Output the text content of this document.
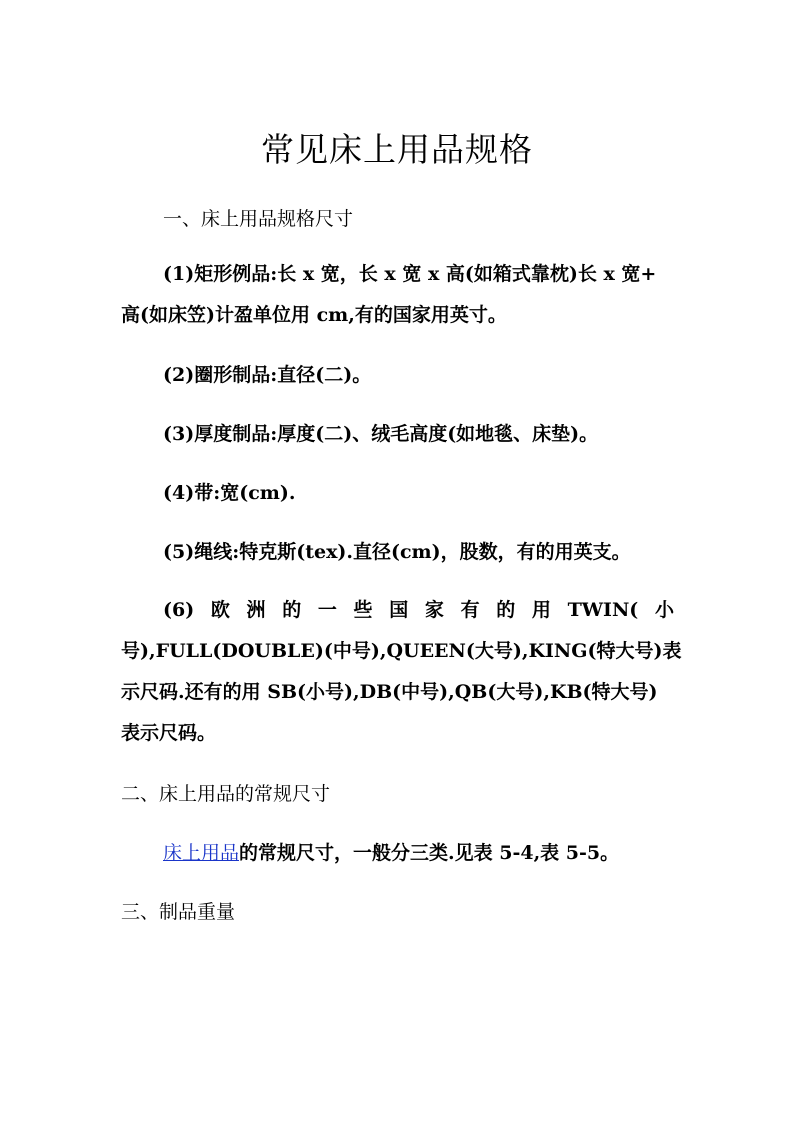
常见床上用品规格

一、床上用品规格尺寸

(1)矩形例品:长 x 宽，长 x 宽 x 高(如箱式靠枕)长 x 宽+

高(如床笠)计盈单位用 cm,有的国家用英寸。

(2)圈形制品:直径(二)。

(3)厚度制品:厚度(二)、绒毛高度(如地毯、床垫)。

(4)带:宽(cm).

(5)绳线:特克斯(tex).直径(cm)，股数，有的用英支。

(6) 欧 洲 的 一 些 国 家 有 的 用 TWIN( 小

号),FULL(DOUBLE)(中号),QUEEN(大号),KING(特大号)表

示尺码.还有的用 SB(小号),DB(中号),QB(大号),KB(特大号)

表示尺码。

二、床上用品的常规尺寸

床上用品的常规尺寸，一般分三类.见表 5-4,表 5-5。

三、制品重量
